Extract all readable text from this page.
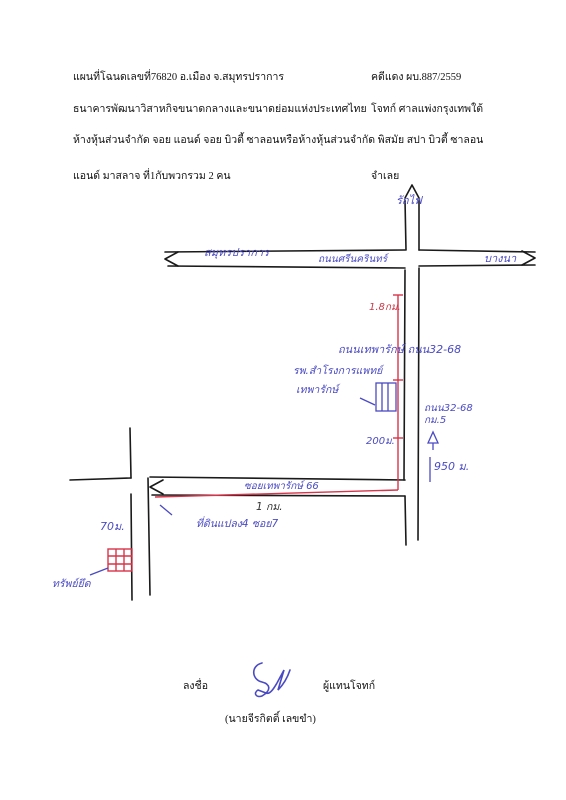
แผนที่โฉนดเลขที่76820 อ.เมือง จ.สมุทรปราการ	คดีแดง ผบ.887/2559
ธนาคารพัฒนาวิสาหกิจขนาดกลางและขนาดย่อมแห่งประเทศไทย โจทก์ ศาลแพ่งกรุงเทพใต้
ห้างหุ้นส่วนจำกัด จอย แอนด์ จอย บิวตี้ ซาลอนหรือห้างหุ้นส่วนจำกัด พิสมัย สปา บิวตี้ ซาลอน
แอนด์ มาสลาจ ที่1กับพวกรวม 2 คน	จำเลย
รัถไฟ
สมุทรปราการ
ถนนศรีนครินทร์	บางนา
1.8กม.
ถนนเทพารักษ์ ถนน32-68
รพ.สำโรงการแพทย์
เทพารักษ์
200ม.
ถนน32-68
กม.5
950 ม.
ซอยเทพารักษ์ 66
1 กม.
ที่ดินแปลง4 ซอย7
70ม.
ทรัพย์ยึด
ลงชื่อ	ผู้แทนโจทก์
(นายจีรกิตติ์ เลขขำ)
